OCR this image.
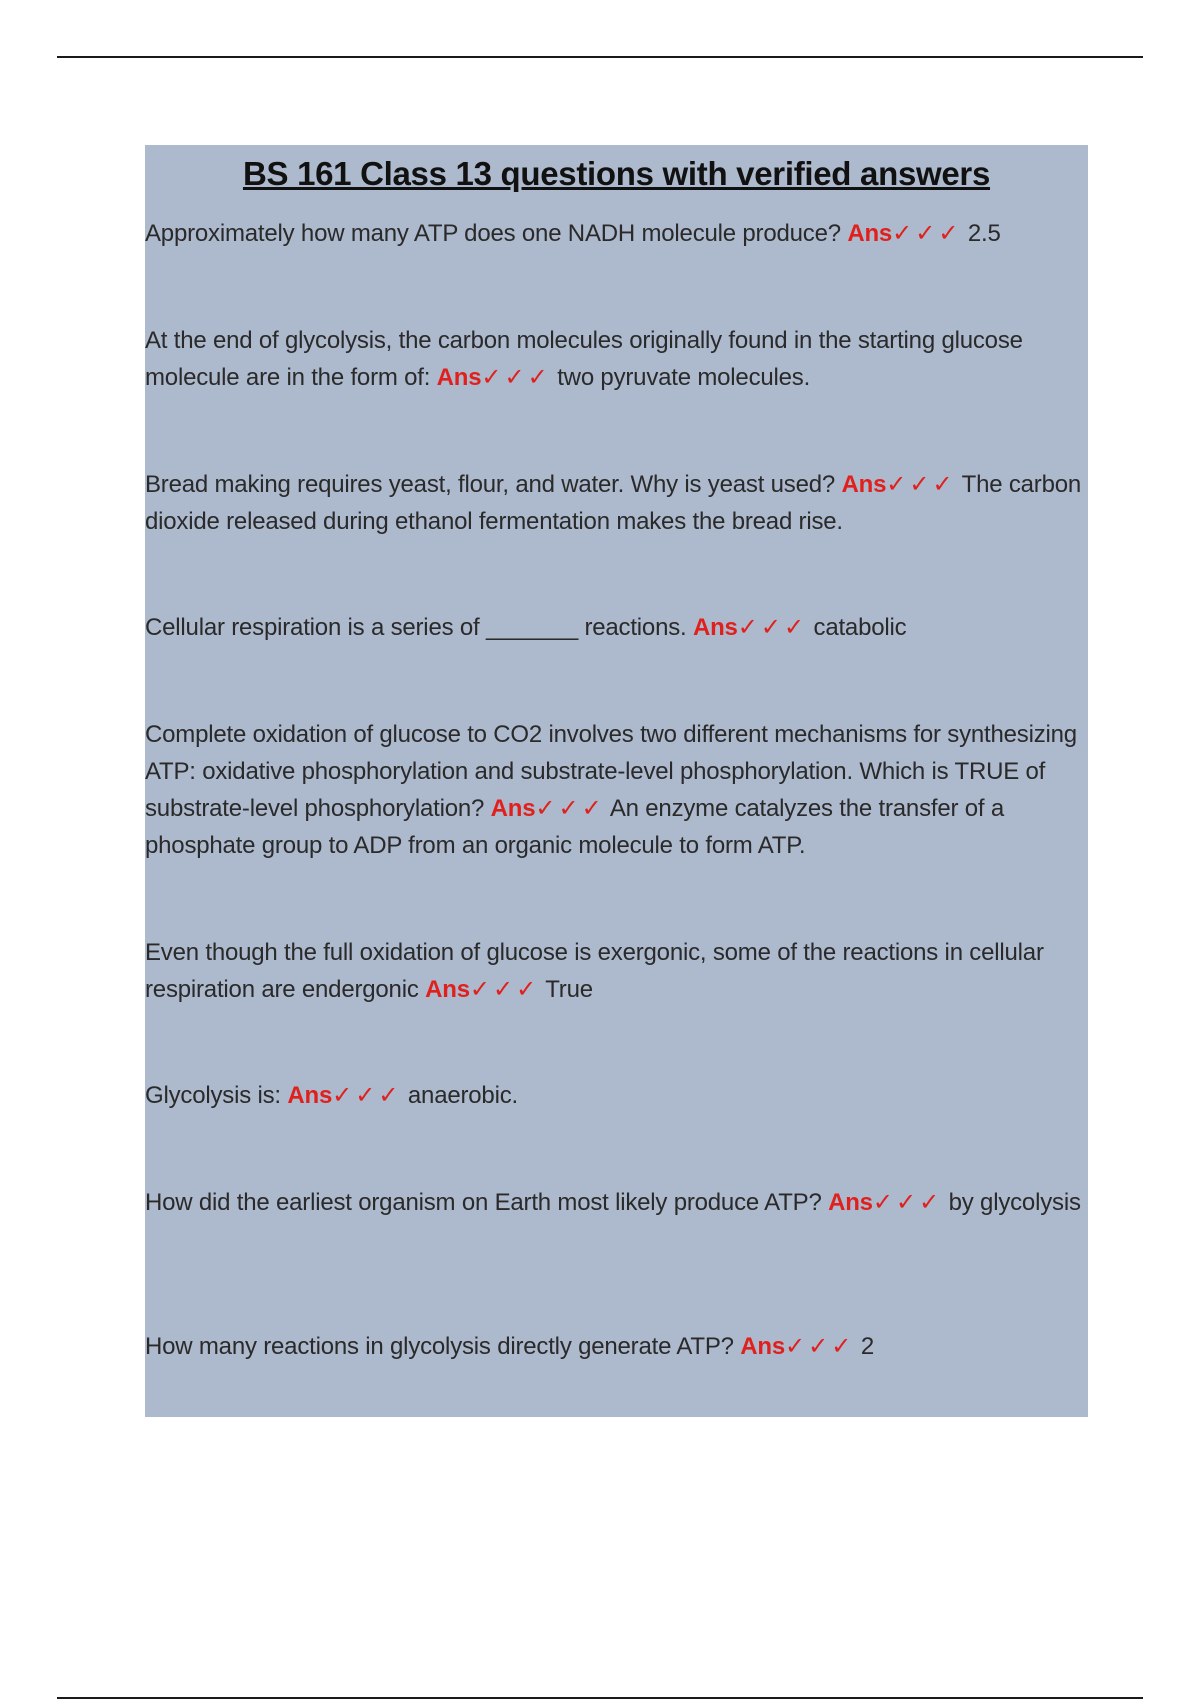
BS 161 Class 13 questions with verified answers
Approximately how many ATP does one NADH molecule produce? Ans✓✓✓ 2.5
At the end of glycolysis, the carbon molecules originally found in the starting glucose molecule are in the form of: Ans✓✓✓ two pyruvate molecules.
Bread making requires yeast, flour, and water. Why is yeast used? Ans✓✓✓ The carbon dioxide released during ethanol fermentation makes the bread rise.
Cellular respiration is a series of _______ reactions. Ans✓✓✓ catabolic
Complete oxidation of glucose to CO2 involves two different mechanisms for synthesizing ATP: oxidative phosphorylation and substrate-level phosphorylation. Which is TRUE of substrate-level phosphorylation? Ans✓✓✓ An enzyme catalyzes the transfer of a phosphate group to ADP from an organic molecule to form ATP.
Even though the full oxidation of glucose is exergonic, some of the reactions in cellular respiration are endergonic Ans✓✓✓ True
Glycolysis is: Ans✓✓✓ anaerobic.
How did the earliest organism on Earth most likely produce ATP? Ans✓✓✓ by glycolysis
How many reactions in glycolysis directly generate ATP? Ans✓✓✓ 2
